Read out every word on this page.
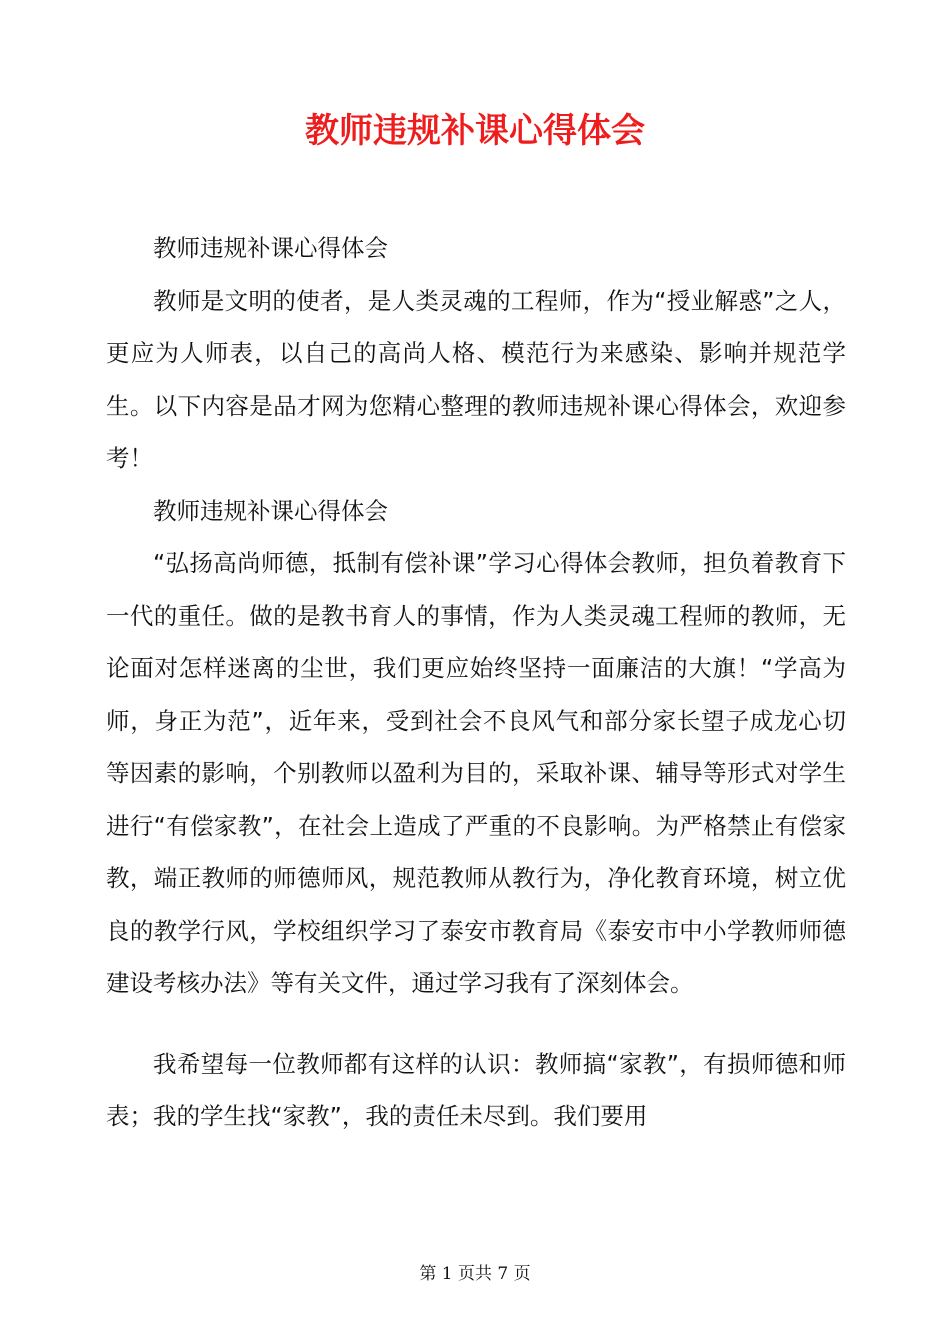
教师违规补课心得体会

教师违规补课心得体会

教师是文明的使者，是人类灵魂的工程师，作为“授业解惑”之人，更应为人师表，以自己的高尚人格、模范行为来感染、影响并规范学生。以下内容是品才网为您精心整理的教师违规补课心得体会，欢迎参考！

教师违规补课心得体会

“弘扬高尚师德，抵制有偿补课”学习心得体会教师，担负着教育下一代的重任。做的是教书育人的事情，作为人类灵魂工程师的教师，无论面对怎样迷离的尘世，我们更应始终坚持一面廉洁的大旗！“学高为师，身正为范”，近年来，受到社会不良风气和部分家长望子成龙心切等因素的影响，个别教师以盈利为目的，采取补课、辅导等形式对学生进行“有偿家教”，在社会上造成了严重的不良影响。为严格禁止有偿家教，端正教师的师德师风，规范教师从教行为，净化教育环境，树立优良的教学行风，学校组织学习了泰安市教育局《泰安市中小学教师师德建设考核办法》等有关文件，通过学习我有了深刻体会。

我希望每一位教师都有这样的认识：教师搞“家教”，有损师德和师表；我的学生找“家教”，我的责任未尽到。我们要用

第 1 页共 7 页
